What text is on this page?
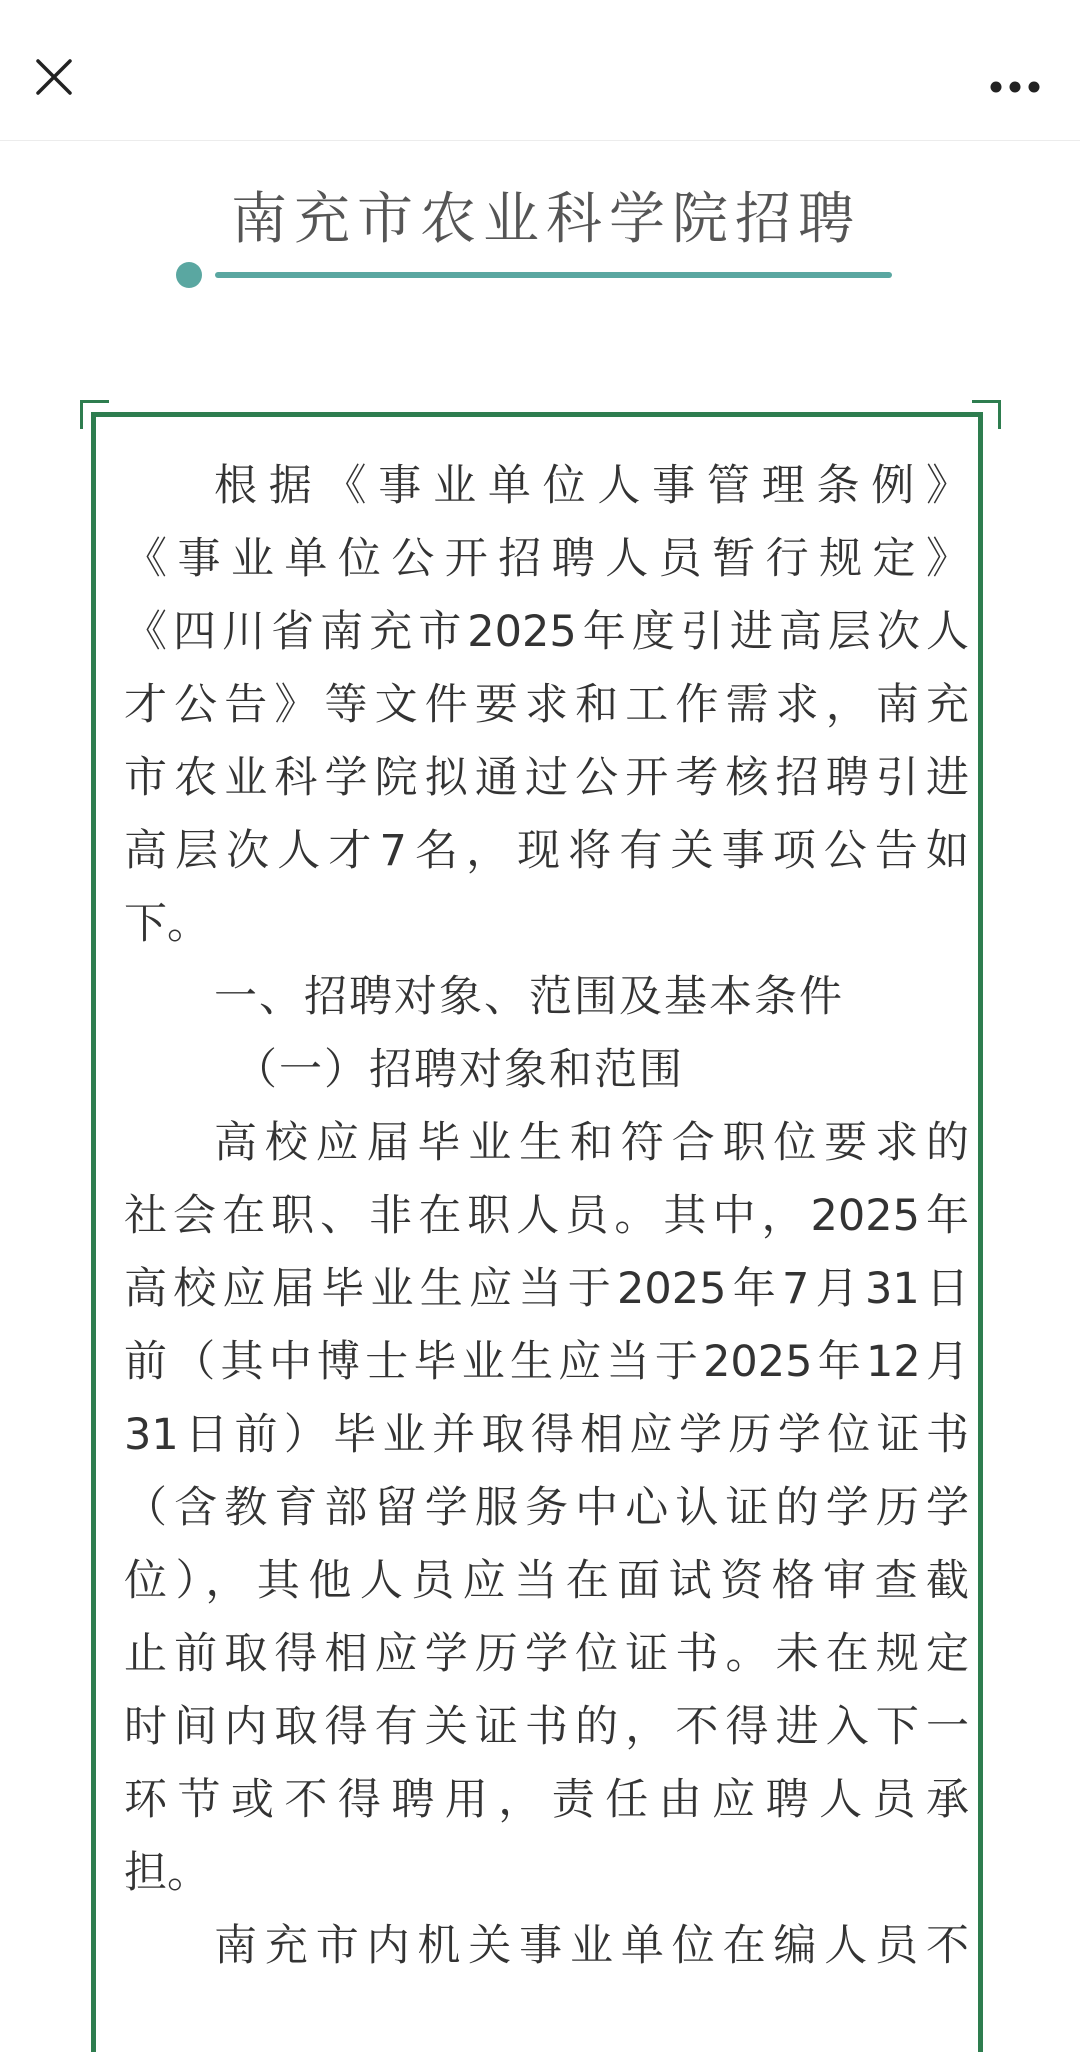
南充市农业科学院招聘
根据《事业单位人事管理条例》
《事业单位公开招聘人员暂行规定》
《四川省南充市2025年度引进高层次人
才公告》等文件要求和工作需求，南充
市农业科学院拟通过公开考核招聘引进
高层次人才7名，现将有关事项公告如
下。
一、招聘对象、范围及基本条件
（一）招聘对象和范围
高校应届毕业生和符合职位要求的
社会在职、非在职人员。其中，2025年
高校应届毕业生应当于2025年7月31日
前（其中博士毕业生应当于2025年12月
31日前）毕业并取得相应学历学位证书
（含教育部留学服务中心认证的学历学
位），其他人员应当在面试资格审查截
止前取得相应学历学位证书。未在规定
时间内取得有关证书的，不得进入下一
环节或不得聘用，责任由应聘人员承
担。
南充市内机关事业单位在编人员不
